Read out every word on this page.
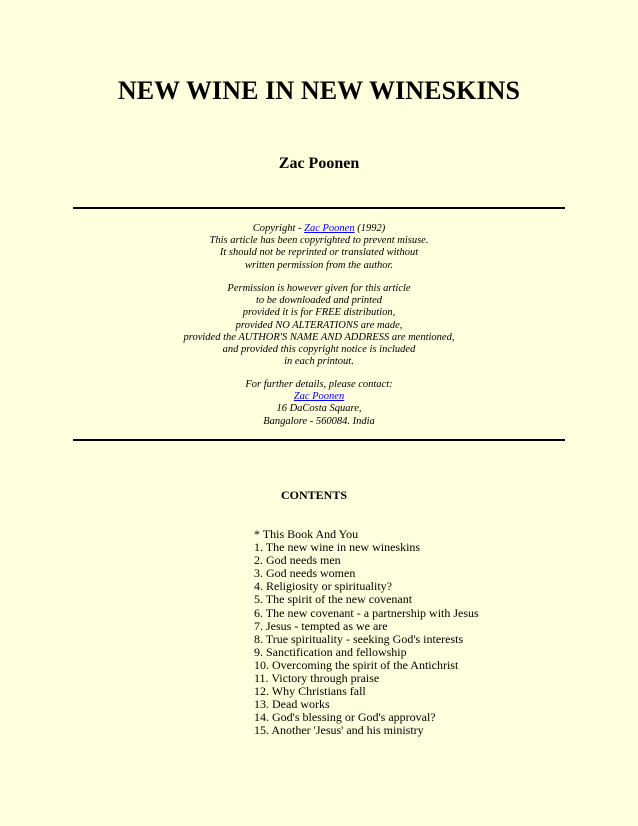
NEW WINE IN NEW WINESKINS
Zac Poonen

Copyright - Zac Poonen (1992)

This article has been copyrighted to prevent misuse.

It should not be reprinted or translated without

written permission from the author.

Permission is however given for this article

to be downloaded and printed

provided it is for FREE distribution,

provided NO ALTERATIONS are made,

provided the AUTHOR'S NAME AND ADDRESS are mentioned,

and provided this copyright notice is included

in each printout.

For further details, please contact:

Zac Poonen

16 DaCosta Square,

Bangalore - 560084. India

CONTENTS
* This Book And You
1. The new wine in new wineskins
2. God needs men
3. God needs women
4. Religiosity or spirituality?
5. The spirit of the new covenant
6. The new covenant - a partnership with Jesus
7. Jesus - tempted as we are
8. True spirituality - seeking God's interests
9. Sanctification and fellowship
10. Overcoming the spirit of the Antichrist
11. Victory through praise
12. Why Christians fall
13. Dead works
14. God's blessing or God's approval?
15. Another 'Jesus' and his ministry
